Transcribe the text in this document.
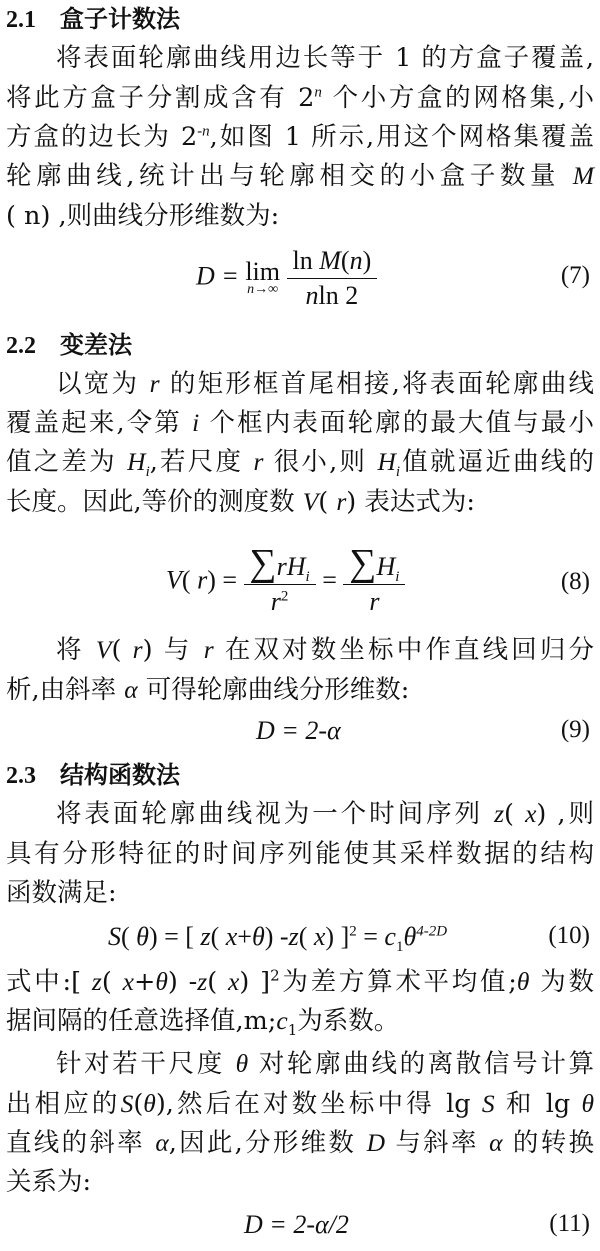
2.1 盒子计数法
将表面轮廓曲线用边长等于 1 的方盒子覆盖,
将此方盒子分割成含有 2$^n$ 个小方盒的网格集,小
方盒的边长为 $2^{-n}$,如图 1 所示,用这个网格集覆盖
轮廓曲线,统计出与轮廓相交的小盒子数量 M
( n) ,则曲线分形维数为:
D = lim
n→∞
$\frac{\text{ln M(n)}}{nln 2}$	(7)
2.2 变差法
以宽为 r 的矩形框首尾相接,将表面轮廓曲线
覆盖起来,令第 i 个框内表面轮廓的最大值与最小
值之差为 $H_i$,若尺度 r 很小,则 $H_i$值就逼近曲线的
长度。因此,等价的测度数 V( r) 表达式为:
V( $r) = \frac{\sum rH_i}{r^2} = \frac{\sum H_i}{r}$	(8)
将 V( r) 与 r 在双对数坐标中作直线回归分
析,由斜率 α 可得轮廓曲线分形维数:
D = 2-α	(9)
2.3 结构函数法
将表面轮廓曲线视为一个时间序列 z( x) ,则
具有分形特征的时间序列能使其采样数据的结构
函数满足:
S( θ) = [ z( x+θ) -z( x) ]$^2 = c_1\theta^{4-2D}$	(10)
式中:[ z( x+θ) -z( x) ]$^2$为差方算术平均值;θ 为数
据间隔的任意选择值$,m;c_1$为系数。
针对若干尺度 θ 对轮廓曲线的离散信号计算
出相应的S(θ),然后在对数坐标中得 lg S 和 lg θ
直线的斜率 α,因此,分形维数 D 与斜率 α 的转换
关系为:
D = 2-α/2	(11)
